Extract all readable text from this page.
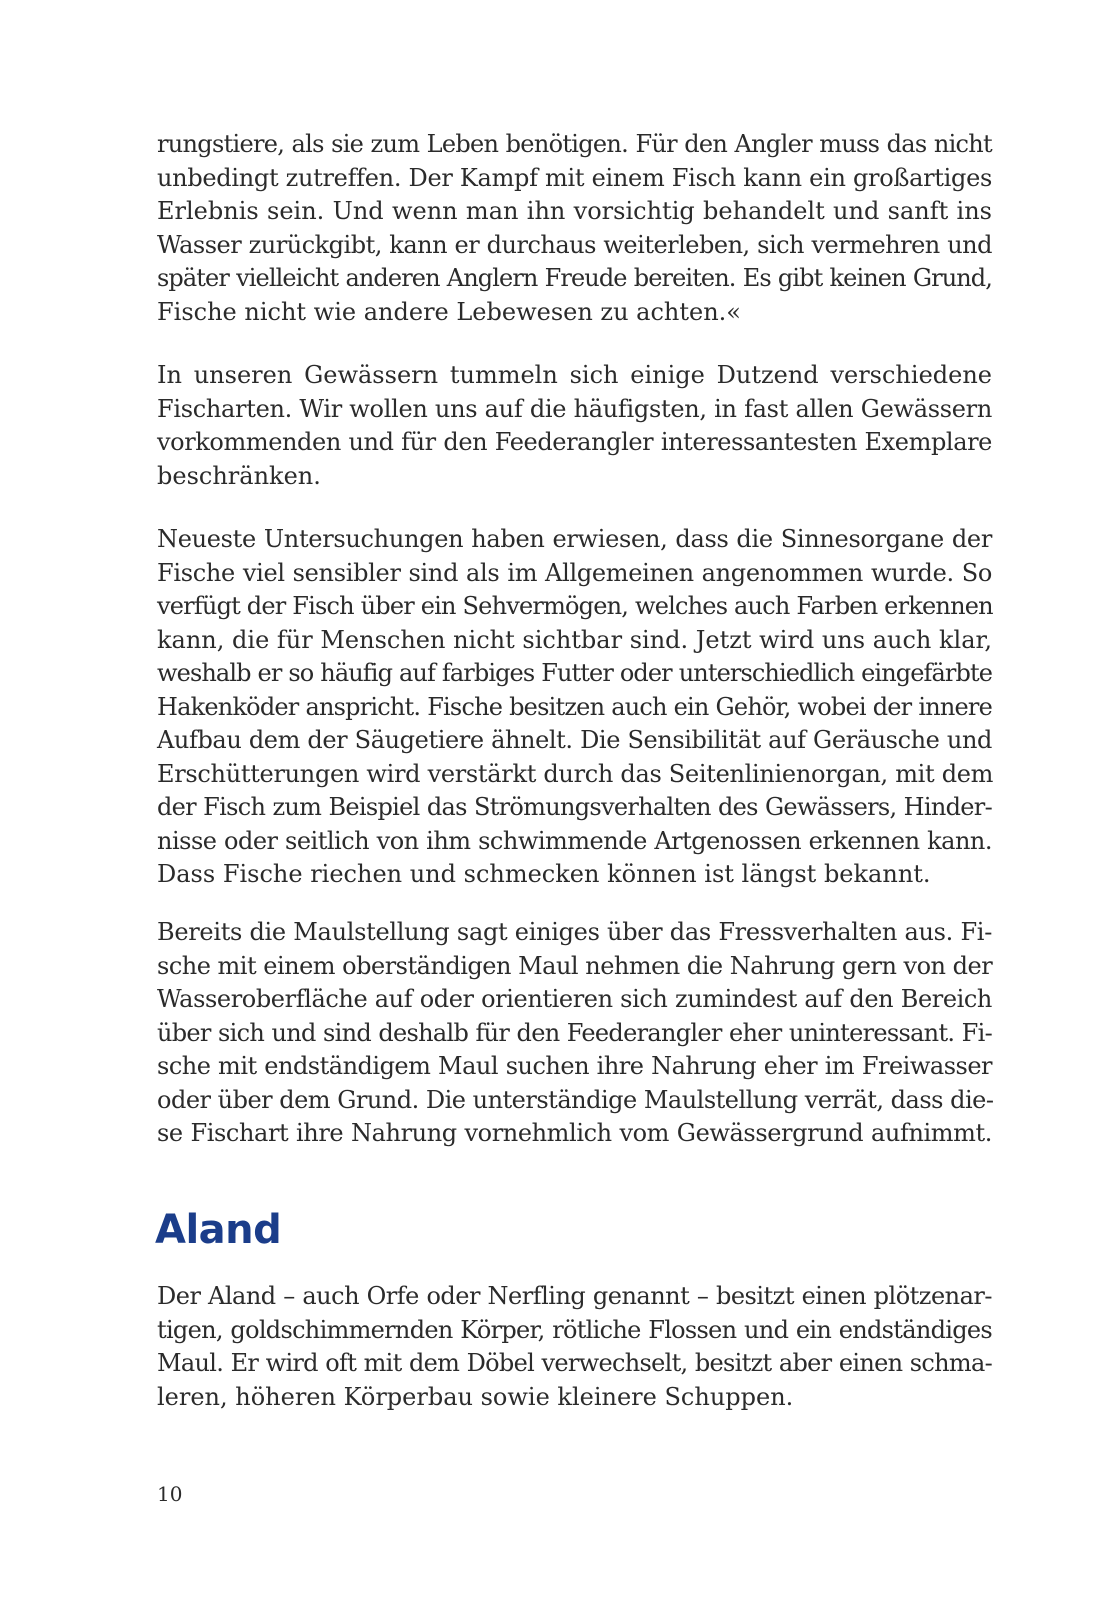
rungstiere, als sie zum Leben benötigen. Für den Angler muss das nicht
unbedingt zutreffen. Der Kampf mit einem Fisch kann ein großartiges
Erlebnis sein. Und wenn man ihn vorsichtig behandelt und sanft ins
Wasser zurückgibt, kann er durchaus weiterleben, sich vermehren und
später vielleicht anderen Anglern Freude bereiten. Es gibt keinen Grund,
Fische nicht wie andere Lebewesen zu achten.«

In unseren Gewässern tummeln sich einige Dutzend verschiedene
Fischarten. Wir wollen uns auf die häufigsten, in fast allen Gewässern
vorkommenden und für den Feederangler interessantesten Exemplare
beschränken.

Neueste Untersuchungen haben erwiesen, dass die Sinnesorgane der
Fische viel sensibler sind als im Allgemeinen angenommen wurde. So
verfügt der Fisch über ein Sehvermögen, welches auch Farben erkennen
kann, die für Menschen nicht sichtbar sind. Jetzt wird uns auch klar,
weshalb er so häufig auf farbiges Futter oder unterschiedlich eingefärbte
Hakenköder anspricht. Fische besitzen auch ein Gehör, wobei der innere
Aufbau dem der Säugetiere ähnelt. Die Sensibilität auf Geräusche und
Erschütterungen wird verstärkt durch das Seitenlinienorgan, mit dem
der Fisch zum Beispiel das Strömungsverhalten des Gewässers, Hinder-
nisse oder seitlich von ihm schwimmende Artgenossen erkennen kann.
Dass Fische riechen und schmecken können ist längst bekannt.

Bereits die Maulstellung sagt einiges über das Fressverhalten aus. Fi-
sche mit einem oberständigen Maul nehmen die Nahrung gern von der
Wasseroberfläche auf oder orientieren sich zumindest auf den Bereich
über sich und sind deshalb für den Feederangler eher uninteressant. Fi-
sche mit endständigem Maul suchen ihre Nahrung eher im Freiwasser
oder über dem Grund. Die unterständige Maulstellung verrät, dass die-
se Fischart ihre Nahrung vornehmlich vom Gewässergrund aufnimmt.

Aland

Der Aland – auch Orfe oder Nerfling genannt – besitzt einen plötzenar-
tigen, goldschimmernden Körper, rötliche Flossen und ein endständiges
Maul. Er wird oft mit dem Döbel verwechselt, besitzt aber einen schma-
leren, höheren Körperbau sowie kleinere Schuppen.

10
